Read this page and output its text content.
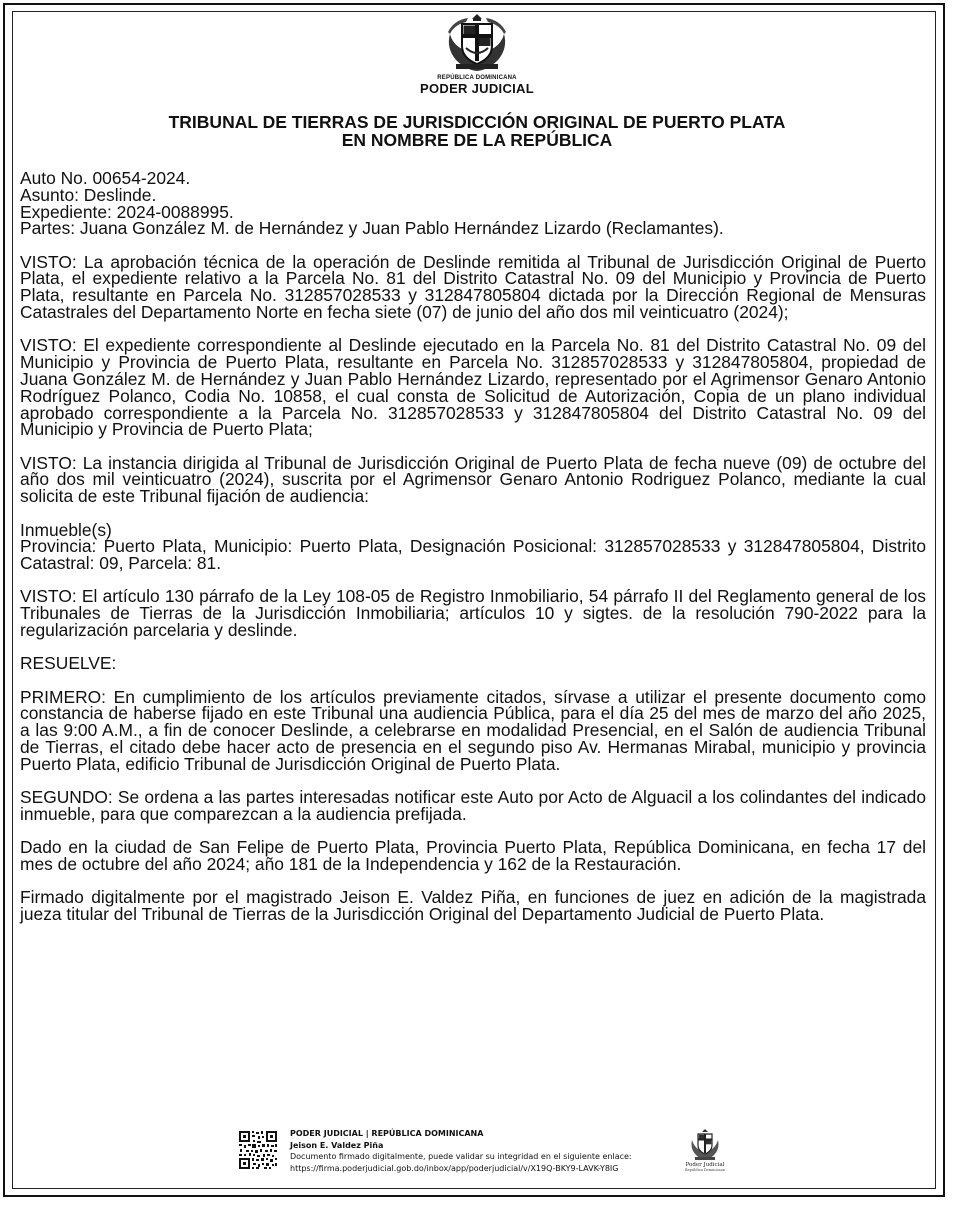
REPÚBLICA DOMINICANA
PODER JUDICIAL
TRIBUNAL DE TIERRAS DE JURISDICCIÓN ORIGINAL DE PUERTO PLATA
EN NOMBRE DE LA REPÚBLICA

Auto No. 00654-2024.
Asunto: Deslinde.
Expediente: 2024-0088995.
Partes: Juana González M. de Hernández y Juan Pablo Hernández Lizardo (Reclamantes).

VISTO: La aprobación técnica de la operación de Deslinde remitida al Tribunal de Jurisdicción Original de Puerto Plata, el expediente relativo a la Parcela No. 81 del Distrito Catastral No. 09 del Municipio y Provincia de Puerto Plata, resultante en Parcela No. 312857028533 y 312847805804 dictada por la Dirección Regional de Mensuras Catastrales del Departamento Norte en fecha siete (07) de junio del año dos mil veinticuatro (2024);

VISTO: El expediente correspondiente al Deslinde ejecutado en la Parcela No. 81 del Distrito Catastral No. 09 del Municipio y Provincia de Puerto Plata, resultante en Parcela No. 312857028533 y 312847805804, propiedad de Juana González M. de Hernández y Juan Pablo Hernández Lizardo, representado por el Agrimensor Genaro Antonio Rodríguez Polanco, Codia No. 10858, el cual consta de Solicitud de Autorización, Copia de un plano individual aprobado correspondiente a la Parcela No. 312857028533 y 312847805804 del Distrito Catastral No. 09 del Municipio y Provincia de Puerto Plata;

VISTO: La instancia dirigida al Tribunal de Jurisdicción Original de Puerto Plata de fecha nueve (09) de octubre del año dos mil veinticuatro (2024), suscrita por el Agrimensor Genaro Antonio Rodriguez Polanco, mediante la cual solicita de este Tribunal fijación de audiencia:

Inmueble(s)
Provincia: Puerto Plata, Municipio: Puerto Plata, Designación Posicional: 312857028533 y 312847805804, Distrito Catastral: 09, Parcela: 81.

VISTO: El artículo 130 párrafo de la Ley 108-05 de Registro Inmobiliario, 54 párrafo II del Reglamento general de los Tribunales de Tierras de la Jurisdicción Inmobiliaria; artículos 10 y sigtes. de la resolución 790-2022 para la regularización parcelaria y deslinde.

RESUELVE:

PRIMERO: En cumplimiento de los artículos previamente citados, sírvase a utilizar el presente documento como constancia de haberse fijado en este Tribunal una audiencia Pública, para el día 25 del mes de marzo del año 2025, a las 9:00 A.M., a fin de conocer Deslinde, a celebrarse en modalidad Presencial, en el Salón de audiencia Tribunal de Tierras, el citado debe hacer acto de presencia en el segundo piso Av. Hermanas Mirabal, municipio y provincia Puerto Plata, edificio Tribunal de Jurisdicción Original de Puerto Plata.

SEGUNDO: Se ordena a las partes interesadas notificar este Auto por Acto de Alguacil a los colindantes del indicado inmueble, para que comparezcan a la audiencia prefijada.

Dado en la ciudad de San Felipe de Puerto Plata, Provincia Puerto Plata, República Dominicana, en fecha 17 del mes de octubre del año 2024; año 181 de la Independencia y 162 de la Restauración.

Firmado digitalmente por el magistrado Jeison E. Valdez Piña, en funciones de juez en adición de la magistrada jueza titular del Tribunal de Tierras de la Jurisdicción Original del Departamento Judicial de Puerto Plata.

PODER JUDICIAL | REPÚBLICA DOMINICANA
Jeison E. Valdez Piña
Documento firmado digitalmente, puede validar su integridad en el siguiente enlace:
https://firma.poderjudicial.gob.do/inbox/app/poderjudicial/v/X19Q-BKY9-LAVK-Y8IG	Poder Judicial
República Dominicana
